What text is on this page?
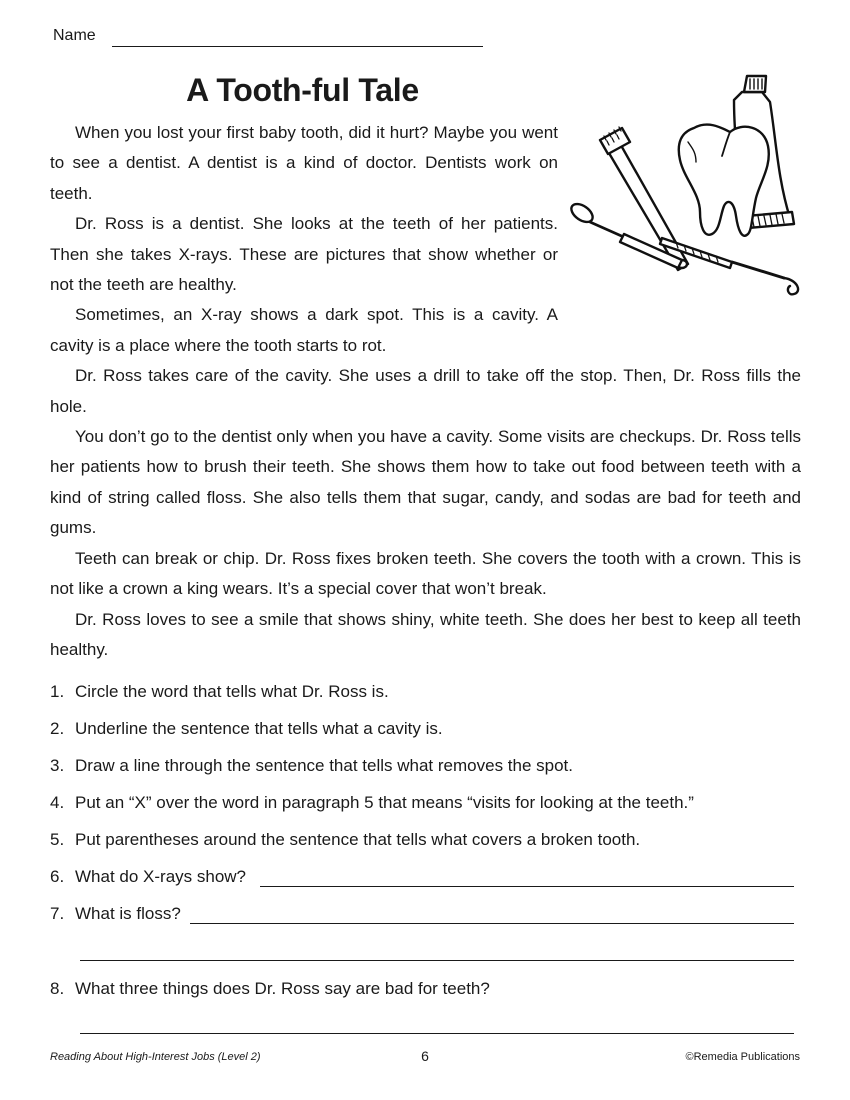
Name
A Tooth-ful Tale

When you lost your first baby tooth, did it hurt? Maybe you went to see a dentist. A dentist is a kind of doctor. Dentists work on teeth.

Dr. Ross is a dentist. She looks at the teeth of her patients. Then she takes X-rays. These are pictures that show whether or not the teeth are healthy.

Sometimes, an X-ray shows a dark spot. This is a cavity. A cavity is a place where the tooth starts to rot.

Dr. Ross takes care of the cavity. She uses a drill to take off the stop. Then, Dr. Ross fills the hole.

You don’t go to the dentist only when you have a cavity. Some visits are checkups. Dr. Ross tells her patients how to brush their teeth. She shows them how to take out food between teeth with a kind of string called floss. She also tells them that sugar, candy, and sodas are bad for teeth and gums.

Teeth can break or chip. Dr. Ross fixes broken teeth. She covers the tooth with a crown. This is not like a crown a king wears. It’s a special cover that won’t break.

Dr. Ross loves to see a smile that shows shiny, white teeth. She does her best to keep all teeth healthy.

1. Circle the word that tells what Dr. Ross is.
2. Underline the sentence that tells what a cavity is.
3. Draw a line through the sentence that tells what removes the spot.
4. Put an “X” over the word in paragraph 5 that means “visits for looking at the teeth.”
5. Put parentheses around the sentence that tells what covers a broken tooth.
6. What do X-rays show?
7. What is floss?
8. What three things does Dr. Ross say are bad for teeth?
Reading About High-Interest Jobs (Level 2)	6	©Remedia Publications
